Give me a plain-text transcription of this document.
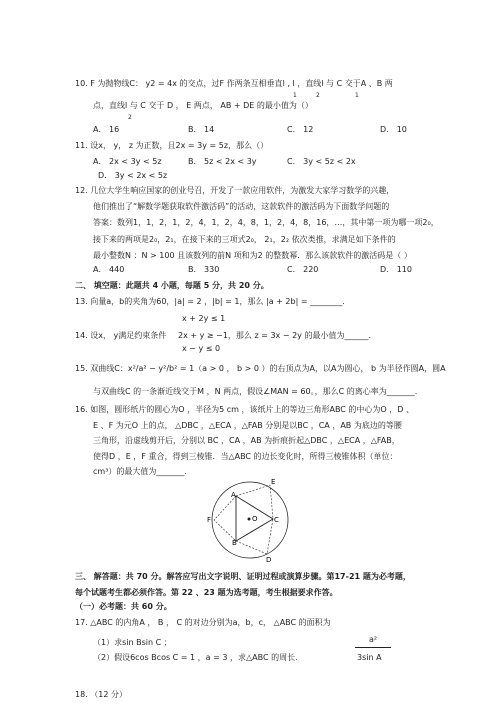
10. F 为抛物线C： y2 = 4x 的交点，过F 作两条互相垂直l , l ，直线l 与 C 交于A 、B 两
1	2	1
点，直线l 与 C 交于 D ， E 两点， AB + DE 的最小值为（）
2
A． 16	B． 14	C． 12	D． 10
11. 设x， y， z 为正数，且2x = 3y = 5z，那么（）
A． 2x < 3y < 5z	B． 5z < 2x < 3y	C． 3y < 5z < 2x
D． 3y < 2x < 5z
12. 几位大学生响应国家的创业号召，开发了一款应用软件，为激发大家学习数学的兴趣，
他们推出了“解数学题获取软件激活码”的活动，这款软件的激活码为下面数学问题的
答案：数列1，1，2，1，2，4，1，2，4，8，1，2，4，8，16，…，其中第一项为哪一项2₀，
接下来的两项是2₀，2₁，在接下来的三项式2₀， 2₁，2₂ 依次类推，求满足如下条件的
最小整数N ：N > 100 且该数列的前N 项和为2 的整数幂．那么该款软件的激活码是（ ）
A． 440	B． 330	C． 220	D． 110
二、 填空题：此题共 4 小题，每题 5 分，共 20 分。
13. 向量a，b的夹角为60，|a| = 2 ，|b| = 1，那么 |a + 2b| = ________.
x + 2y ≤ 1
14. 设x， y满足约束条件 2x + y ≥ −1，那么 z = 3x − 2y 的最小值为______.
x − y ≤ 0
15. 双曲线C：x²/a² − y²/b² = 1（a > 0 ， b > 0 ）的右顶点为A，以A为圆心， b 为半径作圆A，圆A
与双曲线C 的一条渐近线交于M ，N 两点，假设∠MAN = 60。，那么C 的离心率为_______.
16. 如图，圆形纸片的圆心为O ，半径为5 cm ，该纸片上的等边三角形ABC 的中心为O ，D 、
E 、F 为元O 上的点， △DBC ，△ECA ，△FAB 分别是以BC ，CA ，AB 为底边的等腰
三角形，沿虚线剪开后，分别以 BC ，CA ，AB 为折痕折起△DBC ，△ECA ，△FAB，
使得D ，E ，F 重合，得到三棱锥．当△ABC 的边长变化时，所得三棱锥体积（单位：
cm³）的最大值为_______.
A
B
C
D
E
F	O
三、 解答题：共 70 分。解答应写出文字说明、证明过程或演算步骤。第17-21 题为必考题，
每个试题考生都必须作答。第 22 、23 题为选考题，考生根据要求作答。
（一）必考题：共 60 分。
17. △ABC 的内角A ， B ， C 的对边分别为a，b，c， △ABC 的面积为
a²
3sin A
（1）求sin Bsin C ；
（2）假设6cos Bcos C = 1 ，a = 3 ，求△ABC 的周长.
18. （12 分）
